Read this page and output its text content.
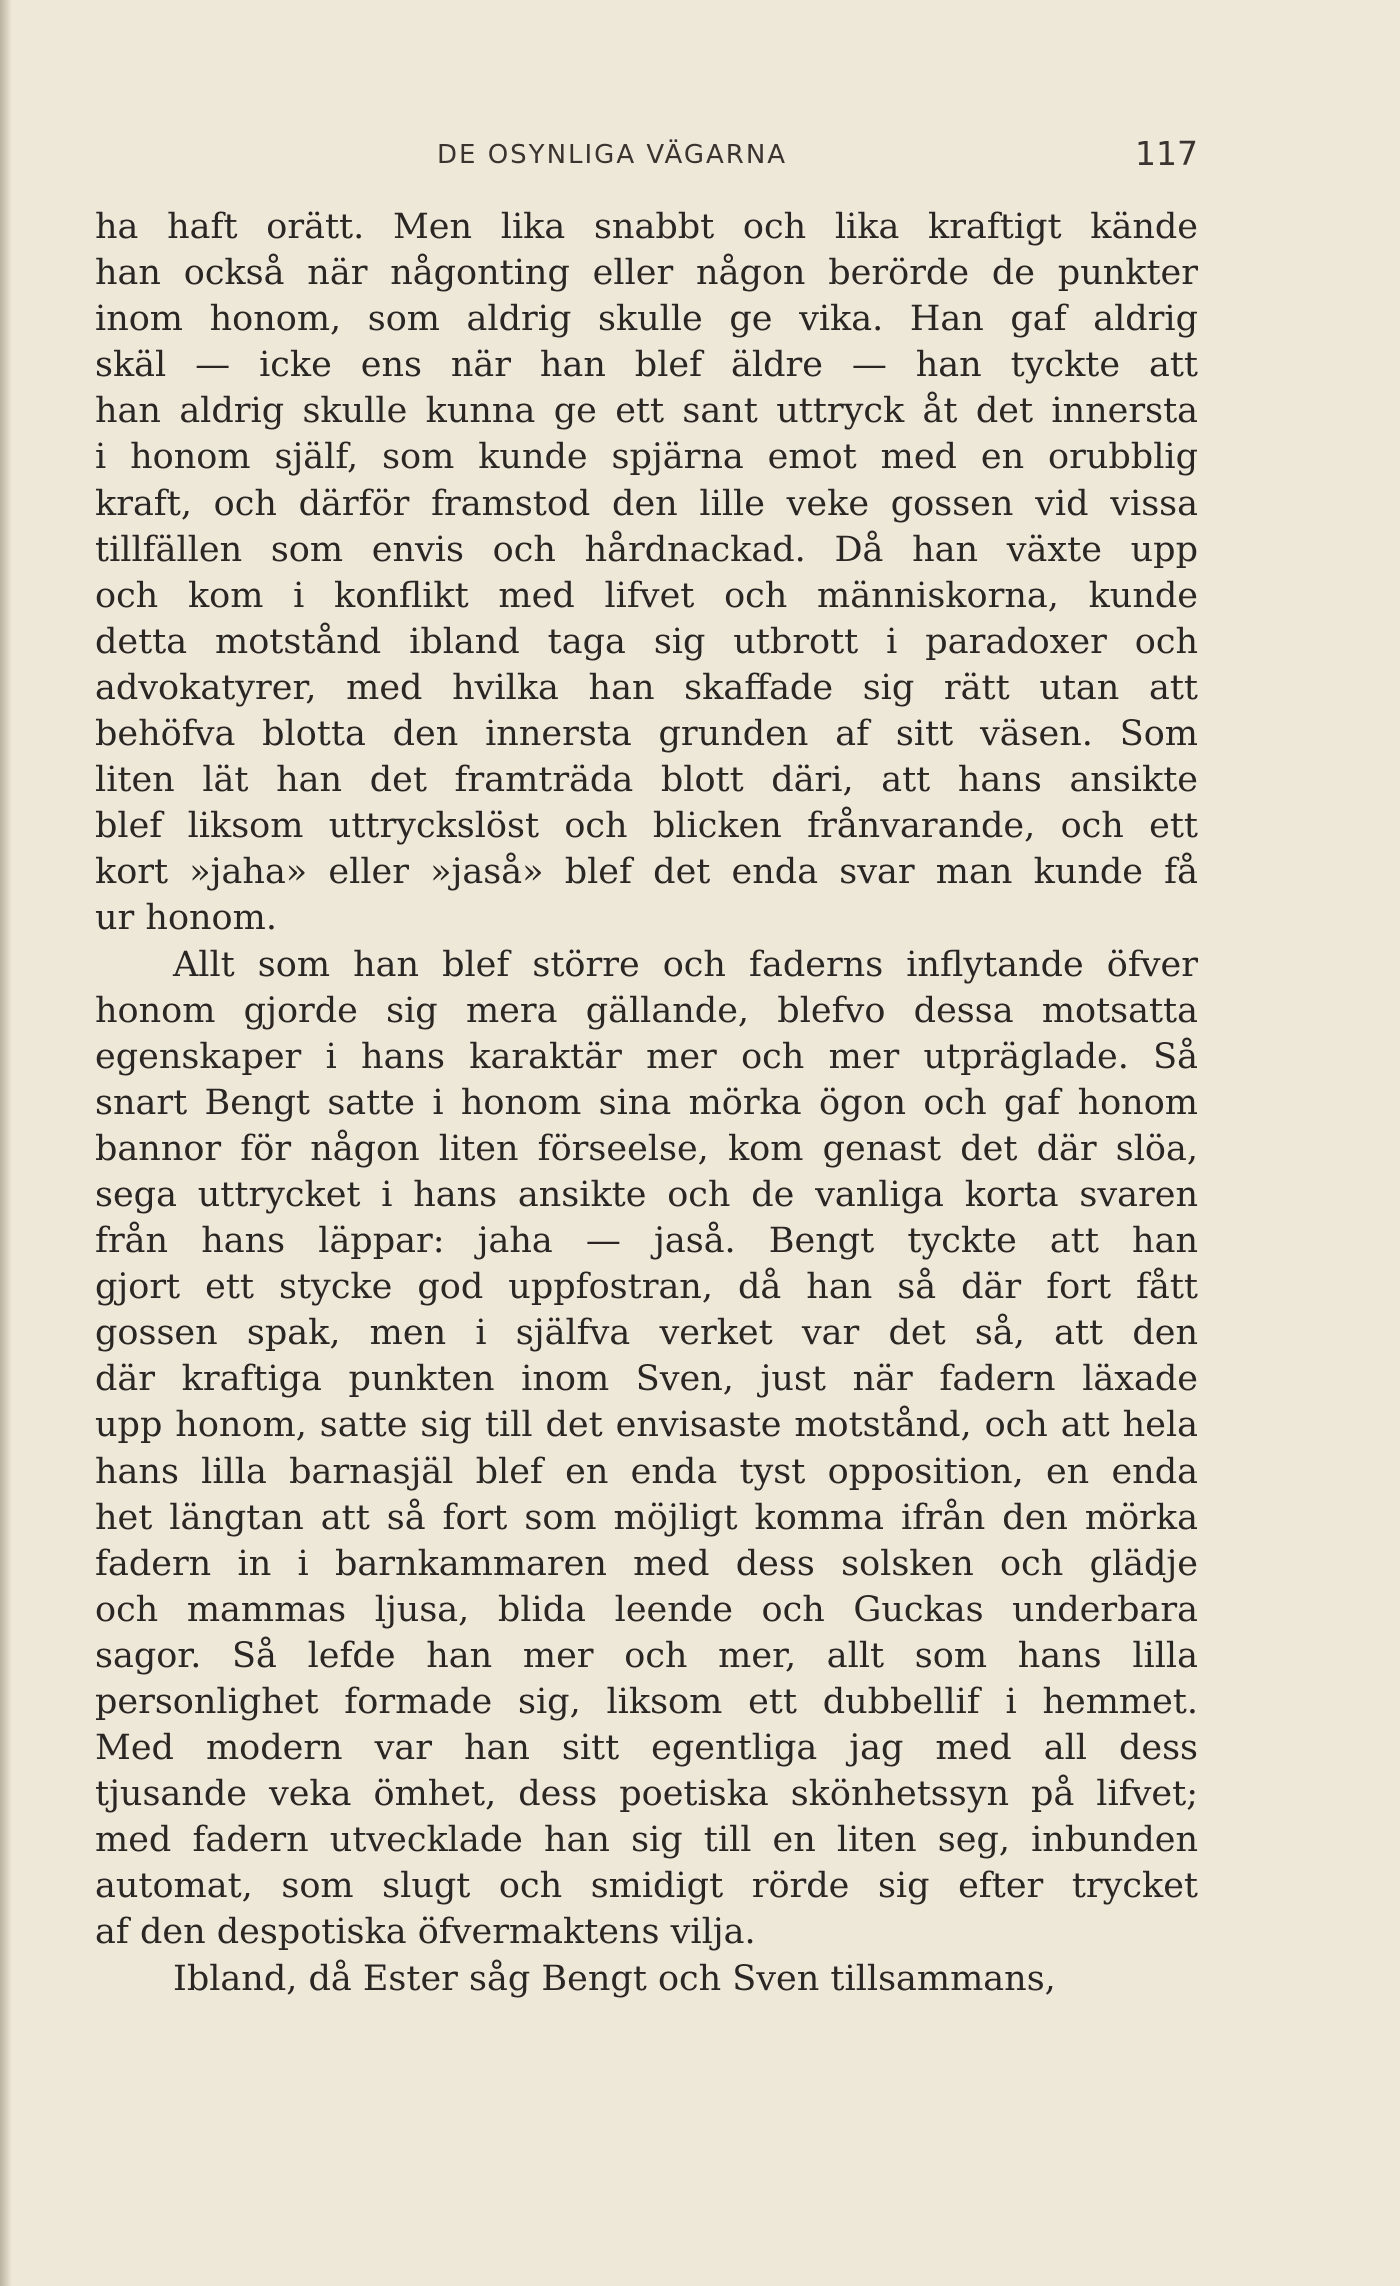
DE OSYNLIGA VÄGARNA	117
ha haft orätt. Men lika snabbt och lika kraftigt kände
han också när någonting eller någon berörde de punkter
inom honom, som aldrig skulle ge vika. Han gaf aldrig
skäl — icke ens när han blef äldre — han tyckte att
han aldrig skulle kunna ge ett sant uttryck åt det innersta
i honom själf, som kunde spjärna emot med en orubblig
kraft, och därför framstod den lille veke gossen vid vissa
tillfällen som envis och hårdnackad. Då han växte upp
och kom i konflikt med lifvet och människorna, kunde
detta motstånd ibland taga sig utbrott i paradoxer och
advokatyrer, med hvilka han skaffade sig rätt utan att
behöfva blotta den innersta grunden af sitt väsen. Som
liten lät han det framträda blott däri, att hans ansikte
blef liksom uttryckslöst och blicken frånvarande, och ett
kort »jaha» eller »jaså» blef det enda svar man kunde få
ur honom.
Allt som han blef större och faderns inflytande öfver
honom gjorde sig mera gällande, blefvo dessa motsatta
egenskaper i hans karaktär mer och mer utpräglade. Så
snart Bengt satte i honom sina mörka ögon och gaf honom
bannor för någon liten förseelse, kom genast det där slöa,
sega uttrycket i hans ansikte och de vanliga korta svaren
från hans läppar: jaha — jaså. Bengt tyckte att han
gjort ett stycke god uppfostran, då han så där fort fått
gossen spak, men i själfva verket var det så, att den
där kraftiga punkten inom Sven, just när fadern läxade
upp honom, satte sig till det envisaste motstånd, och att hela
hans lilla barnasjäl blef en enda tyst opposition, en enda
het längtan att så fort som möjligt komma ifrån den mörka
fadern in i barnkammaren med dess solsken och glädje
och mammas ljusa, blida leende och Guckas underbara
sagor. Så lefde han mer och mer, allt som hans lilla
personlighet formade sig, liksom ett dubbellif i hemmet.
Med modern var han sitt egentliga jag med all dess
tjusande veka ömhet, dess poetiska skönhetssyn på lifvet;
med fadern utvecklade han sig till en liten seg, inbunden
automat, som slugt och smidigt rörde sig efter trycket
af den despotiska öfvermaktens vilja.
Ibland, då Ester såg Bengt och Sven tillsammans,
